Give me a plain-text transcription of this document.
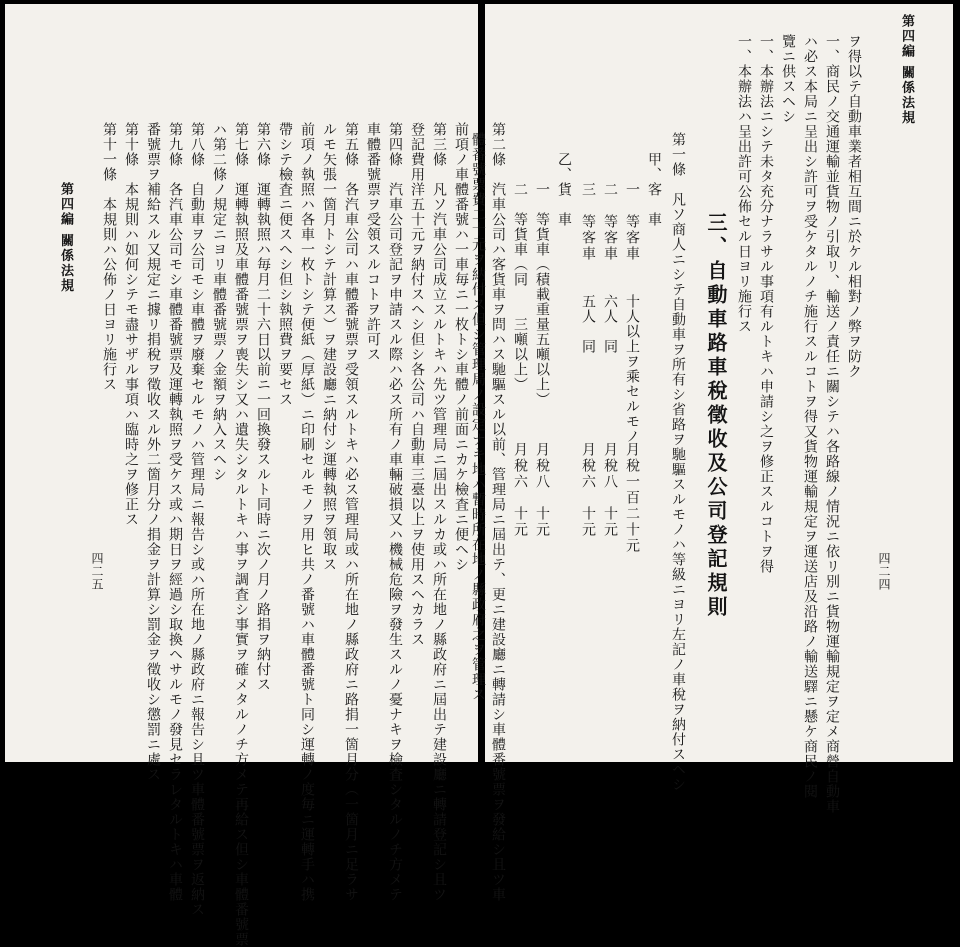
第四編 關係法規
四二五	前項ノ車體番號ハ一車毎ニ一枚トシ車體ノ前面ニカケ檢査ニ便ヘシ
第三條　凡ソ汽車公司成立スルトキハ先ツ管理局ニ屆出スルカ或ハ所在地ノ縣政府ニ屆出テ建設廳ニ轉請登記シ且ツ
登記費用洋五十元ヲ納付スヘシ但シ各公司ハ自動車三臺以上ヲ使用スヘカラス
第四條　汽車公司登記ヲ申請スル際ハ必ス所有ノ車輛破損又ハ機械危險ヲ發生スルノ憂ナキヲ檢査シタルノチ方メテ
車體番號票ヲ受領スルコトヲ許可ス
第五條　各汽車公司ハ車體番號票ヲ受領スルトキハ必ス管理局或ハ所在地ノ縣政府ニ路捐一箇月分（一箇月ニ足ラサ
ルモ矢張一箇月トシテ計算ス）ヲ建設廳ニ納付シ運轉執照ヲ領取ス
前項ノ執照ハ各車一枚トシテ便紙（厚紙）ニ印刷セルモノヲ用ヒ共ノ番號ハ車體番號ト同シ運轉ノ度毎ニ運轉手ハ携
帶シテ檢査ニ便スヘシ但シ執照費ヲ要セス
第六條　運轉執照ハ毎月二十六日以前ニ一回換發スルト同時ニ次ノ月ノ路捐ヲ納付ス
第七條　運轉執照及車體番號票ヲ喪失シ又ハ遺失シタルトキハ事ヲ調査シ事實ヲ確メタルノチ方メテ再給ス但シ車體番號票
ハ第二條ノ規定ニヨリ車體番號票ノ金額ヲ納入スヘシ
第八條　自動車ヲ公司モシ車體ヲ廢棄セルモノハ管理局ニ報告シ或ハ所在地ノ縣政府ニ報告シ且ツ車體番號票ヲ返納ス
第九條　各汽車公司モシ車體番號票及運轉執照ヲ受ケス或ハ期日ヲ經過シ取換ヘサルモノ發見セラレタルトキハ車體
番號票ヲ補給スル又規定ニ據リ捐稅ヲ徵收スル外二箇月分ノ捐金ヲ計算シ罰金ヲ徵收シ懲罰ニ處ス
第十條　本規則ハ如何シテモ盡サザル事項ハ臨時之ヲ修正ス
第十一條　本規則ハ公佈ノ日ヨリ施行ス
第四編 關係法規
四二四
ヲ得以テ自動車業者相互間ニ於ケル相對ノ弊ヲ防ク
一、商民ノ交通運輸並貨物ノ引取リ、輸送ノ責任ニ關シテハ各路線ノ情況ニ依リ別ニ貨物運輸規定ヲ定メ商營自動車
ハ必ス本局ニ呈出シ許可ヲ受ケタルノチ施行スルコトヲ得又貨物運輸規定ヲ運送店及沿路ノ輸送驛ニ懸ケ商民ノ閱
覽ニ供スヘシ
一、本辦法ニシテ未タ充分ナラサル事項有ルトキハ申請シ之ヲ修正スルコトヲ得
一、本辦法ハ呈出許可公佈セル日ヨリ施行ス
三、自動車路車稅徵收及公司登記規則
第一條　凡ソ商人ニシテ自動車ヲ所有シ省路ヲ馳驅スルモノハ等級ニヨリ左記ノ車稅ヲ納付スヘシ
甲、客　車
一　等客車
十人以上ヲ乘セルモノ
月稅一百二十元
二　等客車
六人　同
月稅八　十元
三　等客車
五人　同
月稅六　十元
乙、貨　車
一　等貨車（積載重量五噸以上）
月稅八　十元
二　等貨車（同　　三噸以上）
月稅六　十元
第二條　汽車公司ハ客貨車ヲ問ハス馳驅スル以前、管理局ニ屆出テ、更ニ建設廳ニ轉請シ車體番號票ヲ發給シ且ツ車
體番號票費二十元ヲ納付ス但シ管理局ノ設定ナキ地ハ暫時所在地ノ縣政府之ヲ管理ス
